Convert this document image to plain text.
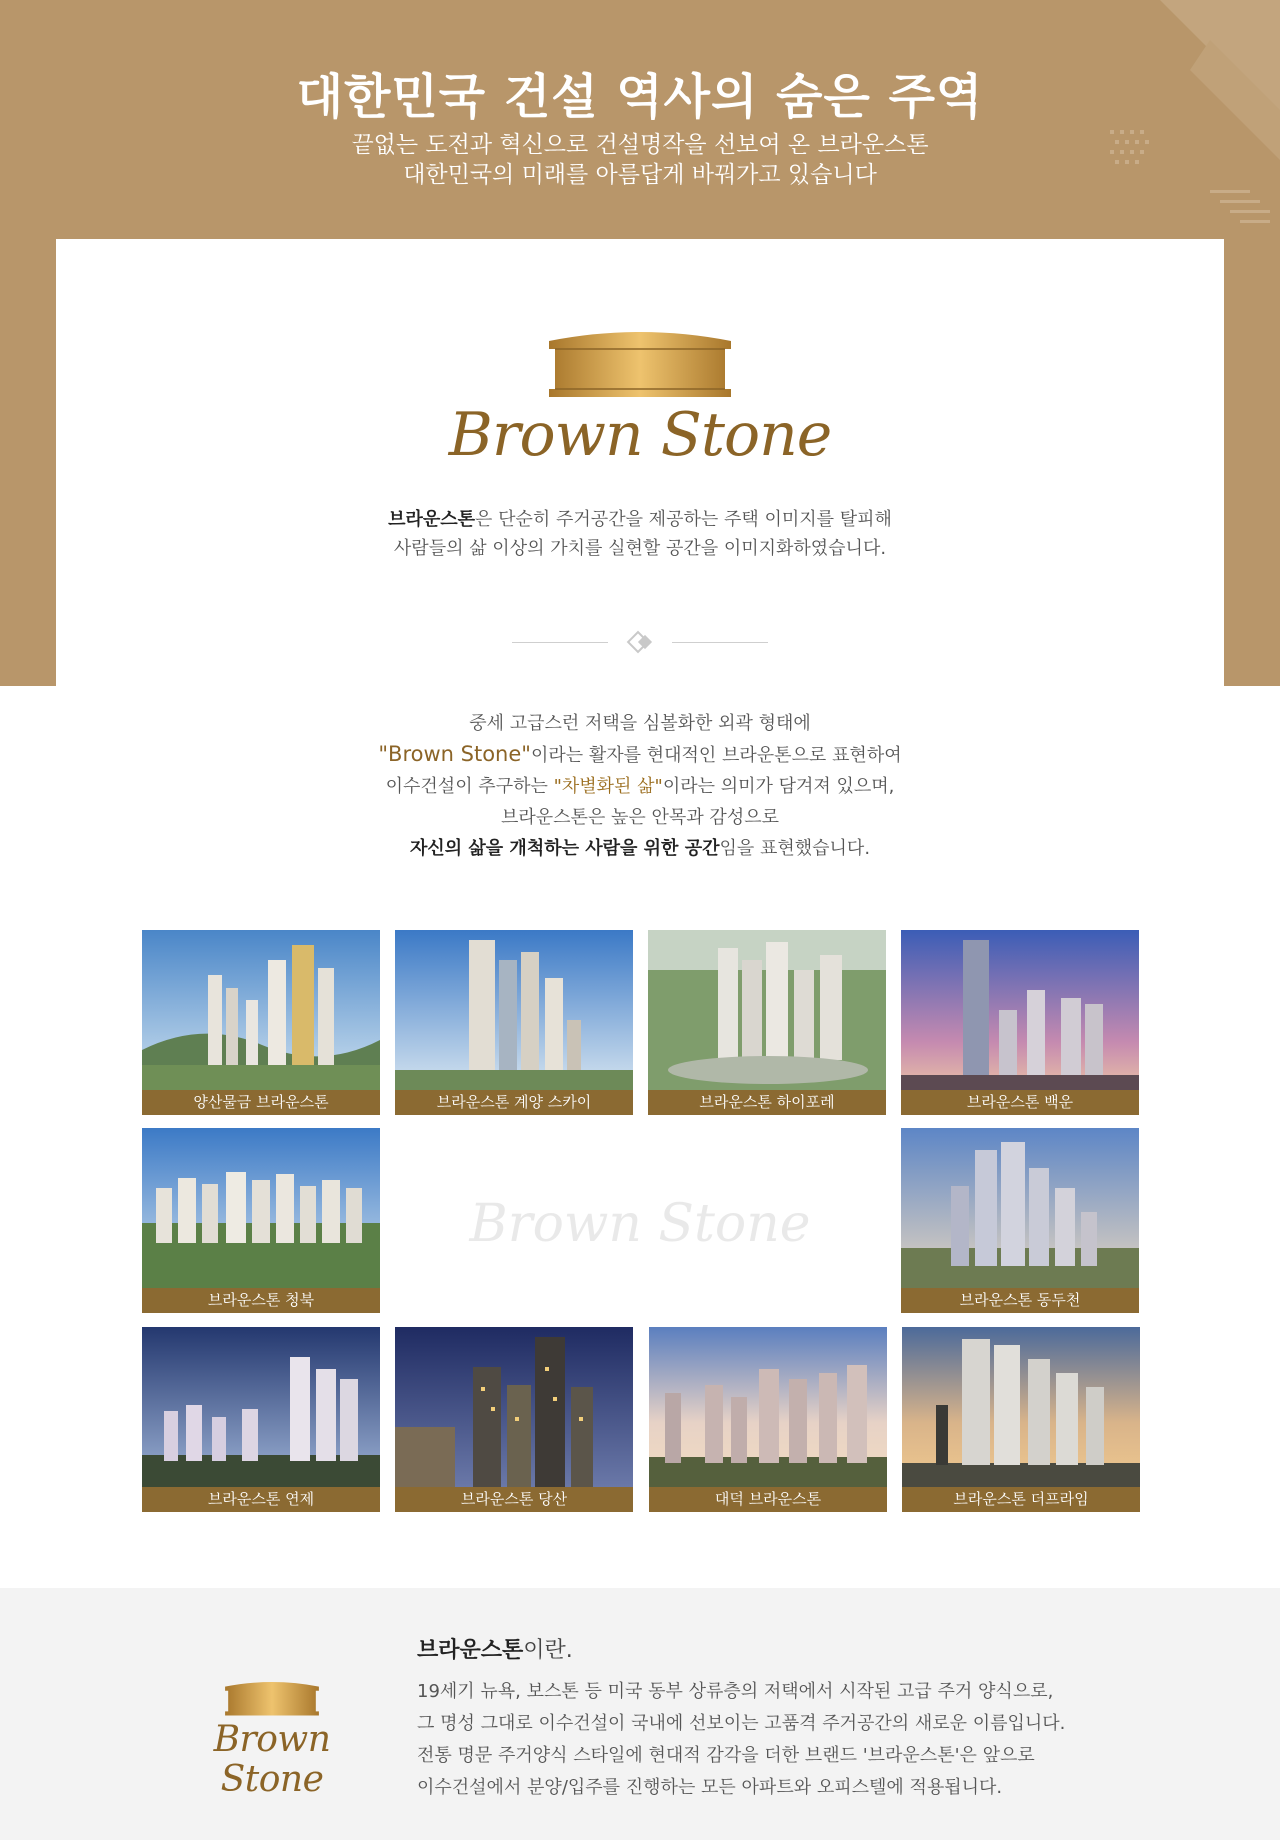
대한민국 건설 역사의 숨은 주역
끝없는 도전과 혁신으로 건설명작을 선보여 온 브라운스톤
대한민국의 미래를 아름답게 바꿔가고 있습니다
Brown Stone
브라운스톤은 단순히 주거공간을 제공하는 주택 이미지를 탈피해
사람들의 삶 이상의 가치를 실현할 공간을 이미지화하였습니다.
중세 고급스런 저택을 심볼화한 외곽 형태에
"Brown Stone"이라는 활자를 현대적인 브라운톤으로 표현하여
이수건설이 추구하는 "차별화된 삶"이라는 의미가 담겨져 있으며,
브라운스톤은 높은 안목과 감성으로
자신의 삶을 개척하는 사람을 위한 공간임을 표현했습니다.
양산물금 브라운스톤	브라운스톤 계양 스카이	브라운스톤 하이포레	브라운스톤 백운
브라운스톤 청북
Brown Stone
브라운스톤 동두천
브라운스톤 연제	브라운스톤 당산	대덕 브라운스톤	브라운스톤 더프라임
Brown Stone
브라운스톤이란.
19세기 뉴욕, 보스톤 등 미국 동부 상류층의 저택에서 시작된 고급 주거 양식으로,
그 명성 그대로 이수건설이 국내에 선보이는 고품격 주거공간의 새로운 이름입니다.
전통 명문 주거양식 스타일에 현대적 감각을 더한 브랜드 '브라운스톤'은 앞으로
이수건설에서 분양/입주를 진행하는 모든 아파트와 오피스텔에 적용됩니다.
